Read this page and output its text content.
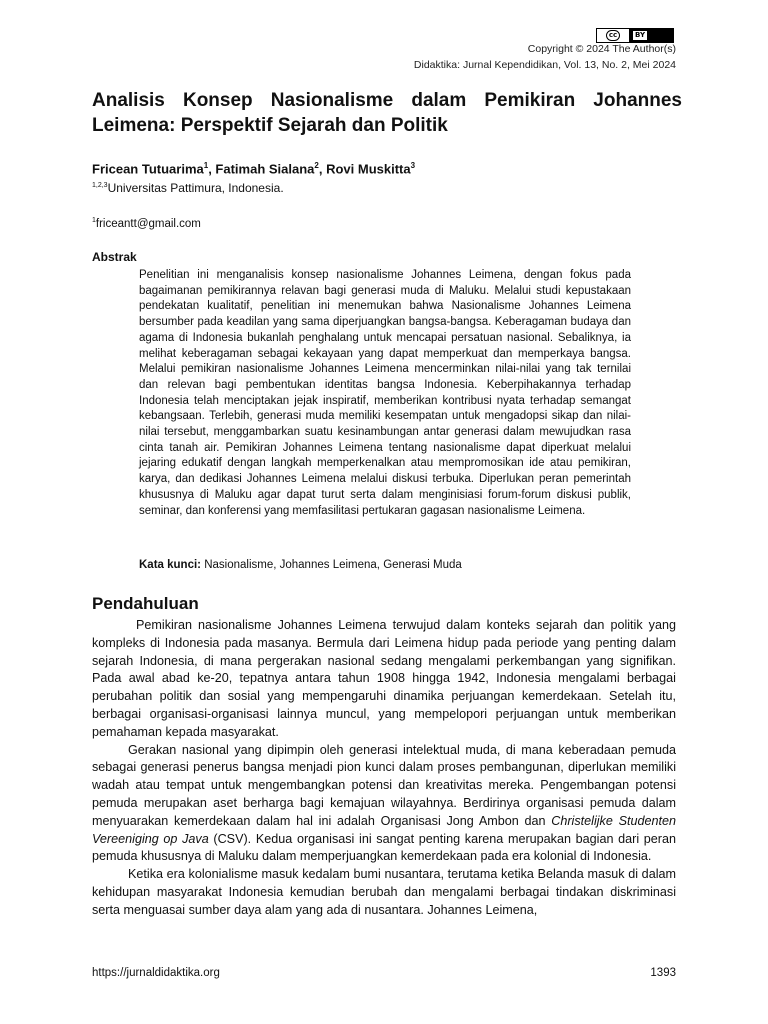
cc	BY
Copyright © 2024 The Author(s)
Didaktika: Jurnal Kependidikan, Vol. 13, No. 2, Mei 2024
Analisis Konsep Nasionalisme dalam Pemikiran Johannes Leimena: Perspektif Sejarah dan Politik
Fricean Tutuarima$^1$, Fatimah Sialana$^2$, Rovi Muskitta$^3$
$^{1,2,3}$Universitas Pattimura, Indonesia.
$^1$friceantt@gmail.com
Abstrak

Penelitian ini menganalisis konsep nasionalisme Johannes Leimena, dengan fokus pada bagaimanan pemikirannya relavan bagi generasi muda di Maluku. Melalui studi kepustakaan pendekatan kualitatif, penelitian ini menemukan bahwa Nasionalisme Johannes Leimena bersumber pada keadilan yang sama diperjuangkan bangsa-bangsa. Keberagaman budaya dan agama di Indonesia bukanlah penghalang untuk mencapai persatuan nasional. Sebaliknya, ia melihat keberagaman sebagai kekayaan yang dapat memperkuat dan memperkaya bangsa. Melalui pemikiran nasionalisme Johannes Leimena mencerminkan nilai-nilai yang tak ternilai dan relevan bagi pembentukan identitas bangsa Indonesia. Keberpihakannya terhadap Indonesia telah menciptakan jejak inspiratif, memberikan kontribusi nyata terhadap semangat kebangsaan. Terlebih, generasi muda memiliki kesempatan untuk mengadopsi sikap dan nilai-nilai tersebut, menggambarkan suatu kesinambungan antar generasi dalam mewujudkan rasa cinta tanah air. Pemikiran Johannes Leimena tentang nasionalisme dapat diperkuat melalui jejaring edukatif dengan langkah memperkenalkan atau mempromosikan ide atau pemikiran, karya, dan dedikasi Johannes Leimena melalui diskusi terbuka. Diperlukan peran pemerintah khususnya di Maluku agar dapat turut serta dalam menginisiasi forum-forum diskusi publik, seminar, dan konferensi yang memfasilitasi pertukaran gagasan nasionalisme Leimena.

Kata kunci: Nasionalisme, Johannes Leimena, Generasi Muda
Pendahuluan

Pemikiran nasionalisme Johannes Leimena terwujud dalam konteks sejarah dan politik yang kompleks di Indonesia pada masanya. Bermula dari Leimena hidup pada periode yang penting dalam sejarah Indonesia, di mana pergerakan nasional sedang mengalami perkembangan yang signifikan. Pada awal abad ke-20, tepatnya antara tahun 1908 hingga 1942, Indonesia mengalami berbagai perubahan politik dan sosial yang mempengaruhi dinamika perjuangan kemerdekaan. Setelah itu, berbagai organisasi-organisasi lainnya muncul, yang mempelopori perjuangan untuk memberikan pemahaman kepada masyarakat.

Gerakan nasional yang dipimpin oleh generasi intelektual muda, di mana keberadaan pemuda sebagai generasi penerus bangsa menjadi pion kunci dalam proses pembangunan, diperlukan memiliki wadah atau tempat untuk mengembangkan potensi dan kreativitas mereka. Pengembangan potensi pemuda merupakan aset berharga bagi kemajuan wilayahnya. Berdirinya organisasi pemuda dalam menyuarakan kemerdekaan dalam hal ini adalah Organisasi Jong Ambon dan Christelijke Studenten Vereeniging op Java (CSV). Kedua organisasi ini sangat penting karena merupakan bagian dari peran pemuda khususnya di Maluku dalam memperjuangkan kemerdekaan pada era kolonial di Indonesia.

Ketika era kolonialisme masuk kedalam bumi nusantara, terutama ketika Belanda masuk di dalam kehidupan masyarakat Indonesia kemudian berubah dan mengalami berbagai tindakan diskriminasi serta menguasai sumber daya alam yang ada di nusantara. Johannes Leimena,

https://jurnaldidaktika.org	1393
